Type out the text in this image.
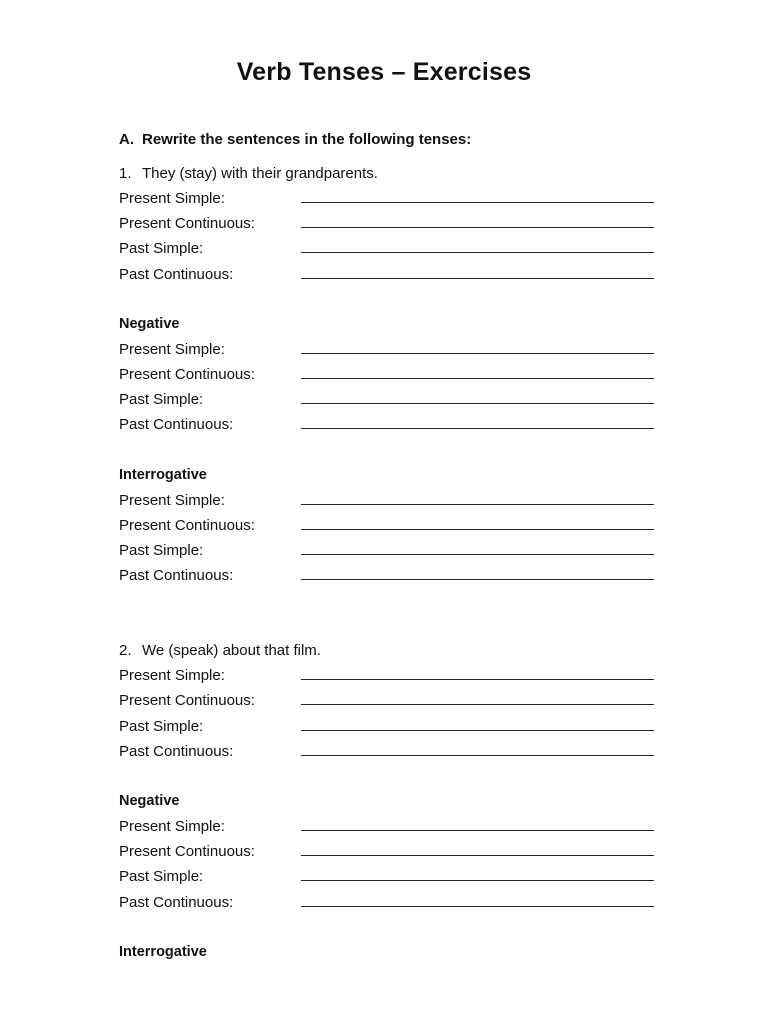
Verb Tenses – Exercises
A. Rewrite the sentences in the following tenses:
1. They (stay) with their grandparents.
Present Simple:
Present Continuous:
Past Simple:
Past Continuous:
Negative
Present Simple:
Present Continuous:
Past Simple:
Past Continuous:
Interrogative
Present Simple:
Present Continuous:
Past Simple:
Past Continuous:
2. We (speak) about that film.
Present Simple:
Present Continuous:
Past Simple:
Past Continuous:
Negative
Present Simple:
Present Continuous:
Past Simple:
Past Continuous:
Interrogative
